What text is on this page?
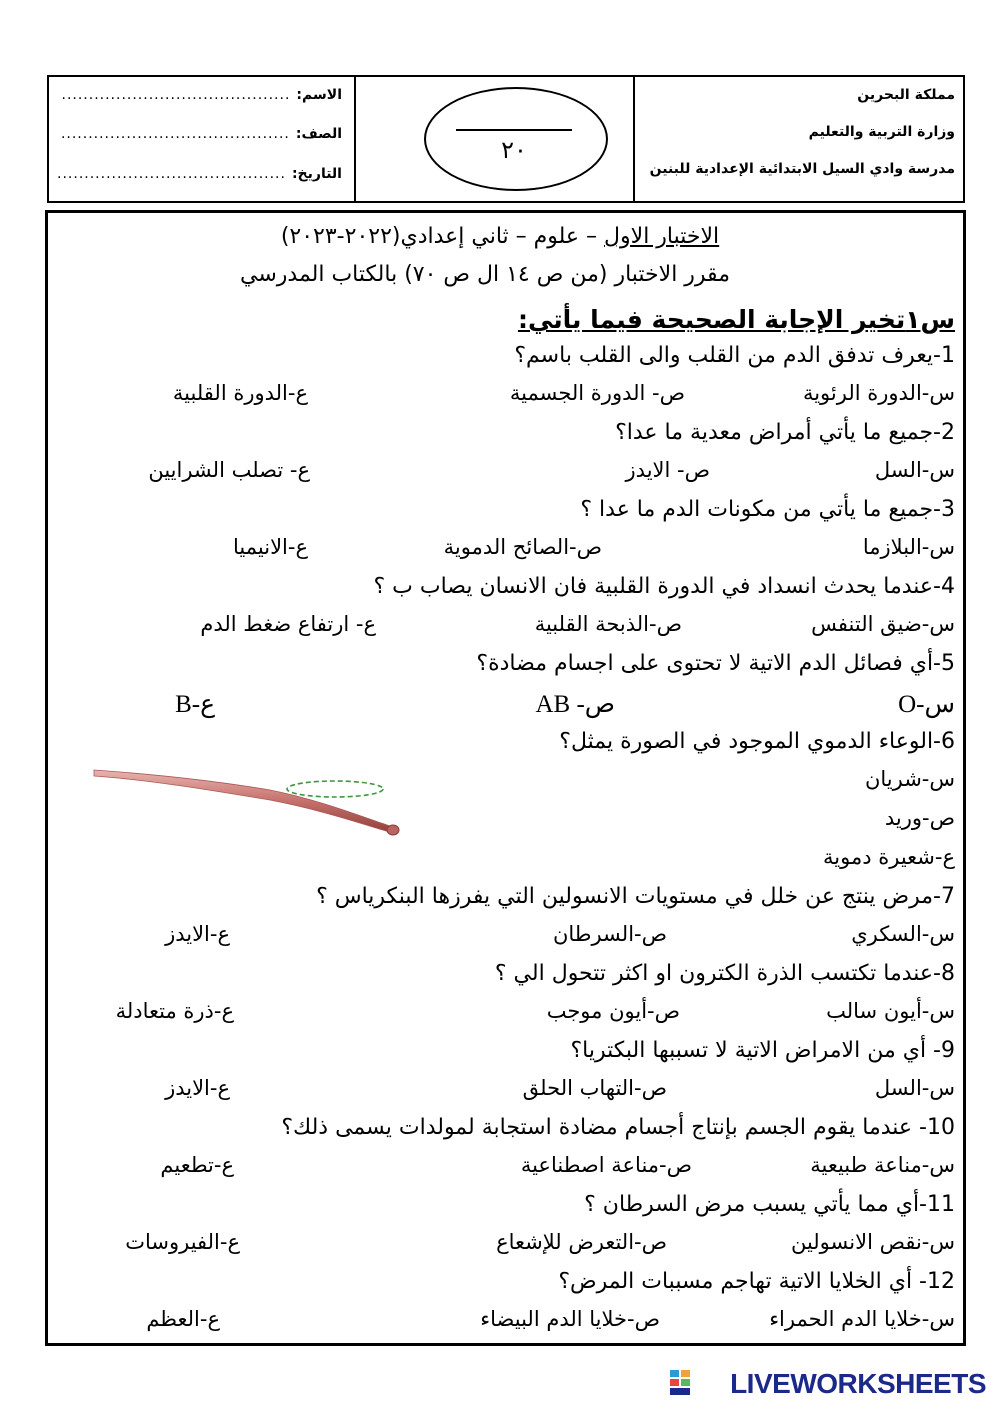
مملكة البحرين
وزارة التربية والتعليم
مدرسة وادي السيل الابتدائية الإعدادية للبنين
الاسم:
..........................................
الصف:
..........................................
التاريخ:
..........................................
٢٠
الاختبار الاول – علوم – ثاني إعدادي(٢٠٢٢-٢٠٢٣)
مقرر الاختبار (من ص ١٤ ال ص ٧٠) بالكتاب المدرسي
س١تخير الإجابة الصحيحة فيما يأتي:
1-يعرف تدفق الدم من القلب والى القلب باسم؟
س-الدورة الرئوية
ص- الدورة الجسمية
ع-الدورة القلبية
2-جميع ما يأتي أمراض معدية ما عدا؟
س-السل
ص- الايدز
ع- تصلب الشرايين
3-جميع ما يأتي من مكونات الدم ما عدا ؟
س-البلازما
ص-الصائح الدموية
ع-الانيميا
4-عندما يحدث انسداد في الدورة القلبية فان الانسان يصاب ب ؟
س-ضيق التنفس
ص-الذبحة القلبية
ع- ارتفاع ضغط الدم
5-أي فصائل الدم الاتية لا تحتوى على اجسام مضادة؟
س-O
ص- AB
ع-B
6-الوعاء الدموي الموجود في الصورة يمثل؟
س-شريان
ص-وريد
ع-شعيرة دموية
7-مرض ينتج عن خلل في مستويات الانسولين التي يفرزها البنكرياس ؟
س-السكري
ص-السرطان
ع-الايدز
8-عندما تكتسب الذرة الكترون او اكثر تتحول الي ؟
س-أيون سالب
ص-أيون موجب
ع-ذرة متعادلة
9- أي من الامراض الاتية لا تسببها البكتريا؟
س-السل
ص-التهاب الحلق
ع-الايدز
10- عندما يقوم الجسم بإنتاج أجسام مضادة استجابة لمولدات يسمى ذلك؟
س-مناعة طبيعية
ص-مناعة اصطناعية
ع-تطعيم
11-أي مما يأتي يسبب مرض السرطان ؟
س-نقص الانسولين
ص-التعرض للإشعاع
ع-الفيروسات
12- أي الخلايا الاتية تهاجم مسببات المرض؟
س-خلايا الدم الحمراء
ص-خلايا الدم البيضاء
ع-العظم
LIVEWORKSHEETS
